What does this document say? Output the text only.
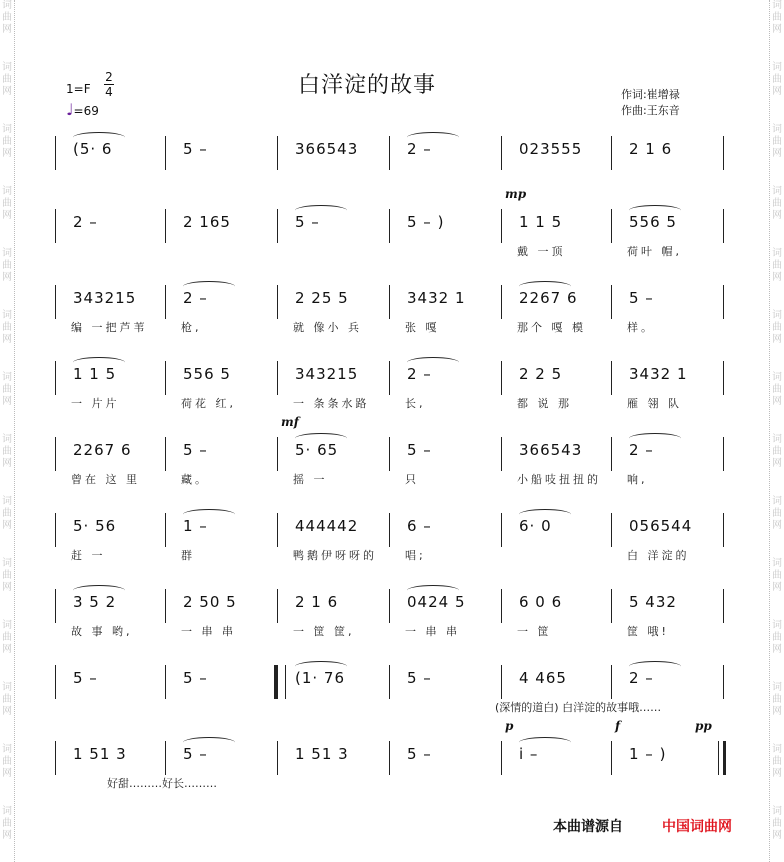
词
曲
网
词
曲
网
词
曲
网
词
曲
网
词
曲
网
词
曲
网
词
曲
网
词
曲
网
词
曲
网
词
曲
网
词
曲
网
词
曲
网
词
曲
网
词
曲
网
词
曲
网
词
曲
网
词
曲
网
词
曲
网
词
曲
网
词
曲
网
词
曲
网
词
曲
网
词
曲
网
词
曲
网
词
曲
网
词
曲
网
词
曲
网
词
曲
网
白洋淀的故事
1=F
2
4
♩=69
作词:崔增禄
作曲:王东音
(5· 6	5 –	366543	2 –	023555	2 1 6
2 –	2 165	5 –	5 – )	1 1 5	556 5
戴 一顶	荷叶 帽,
mp
343215	2 –	2 25 5	3432 1	2267 6	5 –
编 一把芦苇	枪,	就 像小 兵	张 嘎	那个 嘎 模	样。
1 1 5	556 5	343215	2 –	2 2 5	3432 1
一 片片	荷花 红,	一 条条水路	长,	都 说 那	雁 翎 队
2267 6	5 –	5· 65	5 –	366543	2 –
曾在 这 里	藏。	摇 一	只	小船吱扭扭的 响,
mf
5· 56	1 –	444442	6 –	6· 0	056544
赶 一	群	鸭鹅伊呀呀的	唱;	白 洋淀的
3 5 2	2 50 5	2 1 6	0424 5	6 0 6	5 432
故 事 哟,	一 串 串	一 筐 筐,	一 串 串	一 筐	筐 哦!
5 –	5 –	(1· 76	5 –	4 465	2 –
(深情的道白) 白洋淀的故事哦……
1 51 3	5 –	1 51 3	5 –	i –	1 – )
p	f	pp
好甜………好长………
本曲谱源自	中国词曲网
